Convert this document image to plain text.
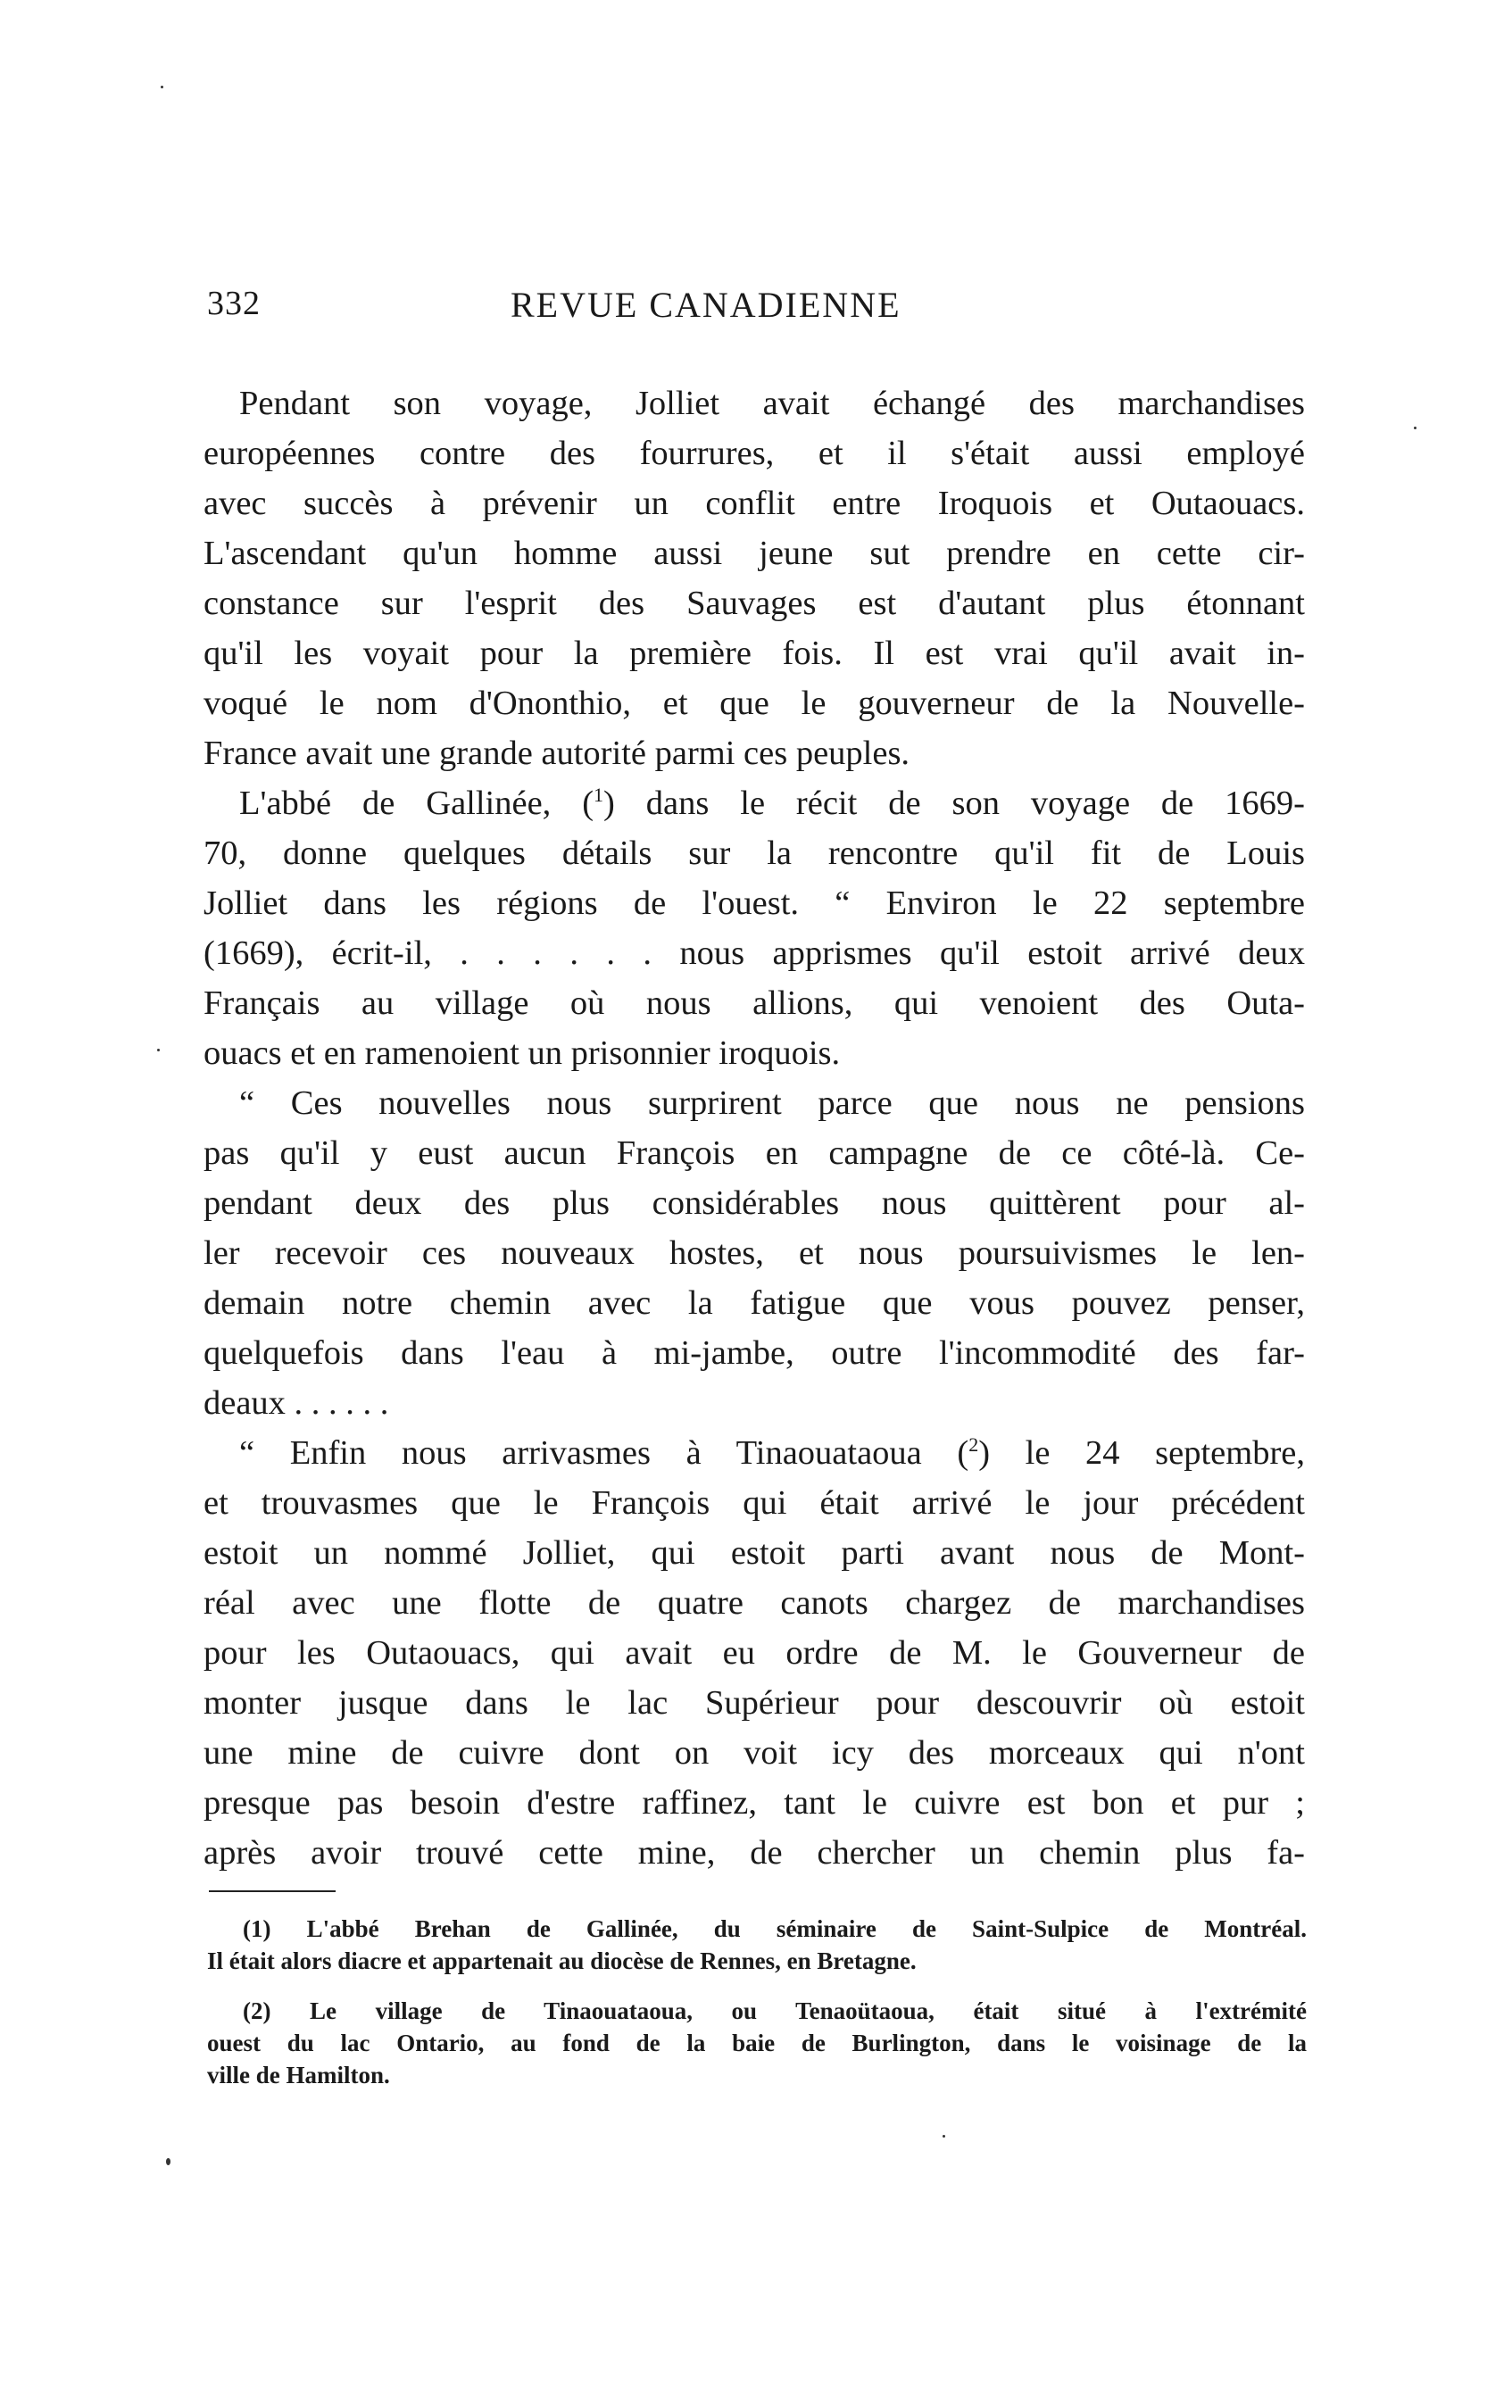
332	REVUE CANADIENNE
Pendant son voyage, Jolliet avait échangé des marchandises
européennes contre des fourrures, et il s'était aussi employé
avec succès à prévenir un conflit entre Iroquois et Outaouacs.
L'ascendant qu'un homme aussi jeune sut prendre en cette cir-
constance sur l'esprit des Sauvages est d'autant plus étonnant
qu'il les voyait pour la première fois. Il est vrai qu'il avait in-
voqué le nom d'Ononthio, et que le gouverneur de la Nouvelle-
France avait une grande autorité parmi ces peuples.
L'abbé de Gallinée, ($^1$) dans le récit de son voyage de 1669-
70, donne quelques détails sur la rencontre qu'il fit de Louis
Jolliet dans les régions de l'ouest. “ Environ le 22 septembre
(1669), écrit-il, . . . . . . nous apprismes qu'il estoit arrivé deux
Français au village où nous allions, qui venoient des Outa-
ouacs et en ramenoient un prisonnier iroquois.
“ Ces nouvelles nous surprirent parce que nous ne pensions
pas qu'il y eust aucun François en campagne de ce côté-là. Ce-
pendant deux des plus considérables nous quittèrent pour al-
ler recevoir ces nouveaux hostes, et nous poursuivismes le len-
demain notre chemin avec la fatigue que vous pouvez penser,
quelquefois dans l'eau à mi-jambe, outre l'incommodité des far-
deaux . . . . . .
“ Enfin nous arrivasmes à Tinaouataoua ($^2$) le 24 septembre,
et trouvasmes que le François qui était arrivé le jour précédent
estoit un nommé Jolliet, qui estoit parti avant nous de Mont-
réal avec une flotte de quatre canots chargez de marchandises
pour les Outaouacs, qui avait eu ordre de M. le Gouverneur de
monter jusque dans le lac Supérieur pour descouvrir où estoit
une mine de cuivre dont on voit icy des morceaux qui n'ont
presque pas besoin d'estre raffinez, tant le cuivre est bon et pur ;
après avoir trouvé cette mine, de chercher un chemin plus fa-
(1) L'abbé Brehan de Gallinée, du séminaire de Saint-Sulpice de Montréal.
Il était alors diacre et appartenait au diocèse de Rennes, en Bretagne.
(2) Le village de Tinaouataoua, ou Tenaoütaoua, était situé à l'extrémité
ouest du lac Ontario, au fond de la baie de Burlington, dans le voisinage de la
ville de Hamilton.
